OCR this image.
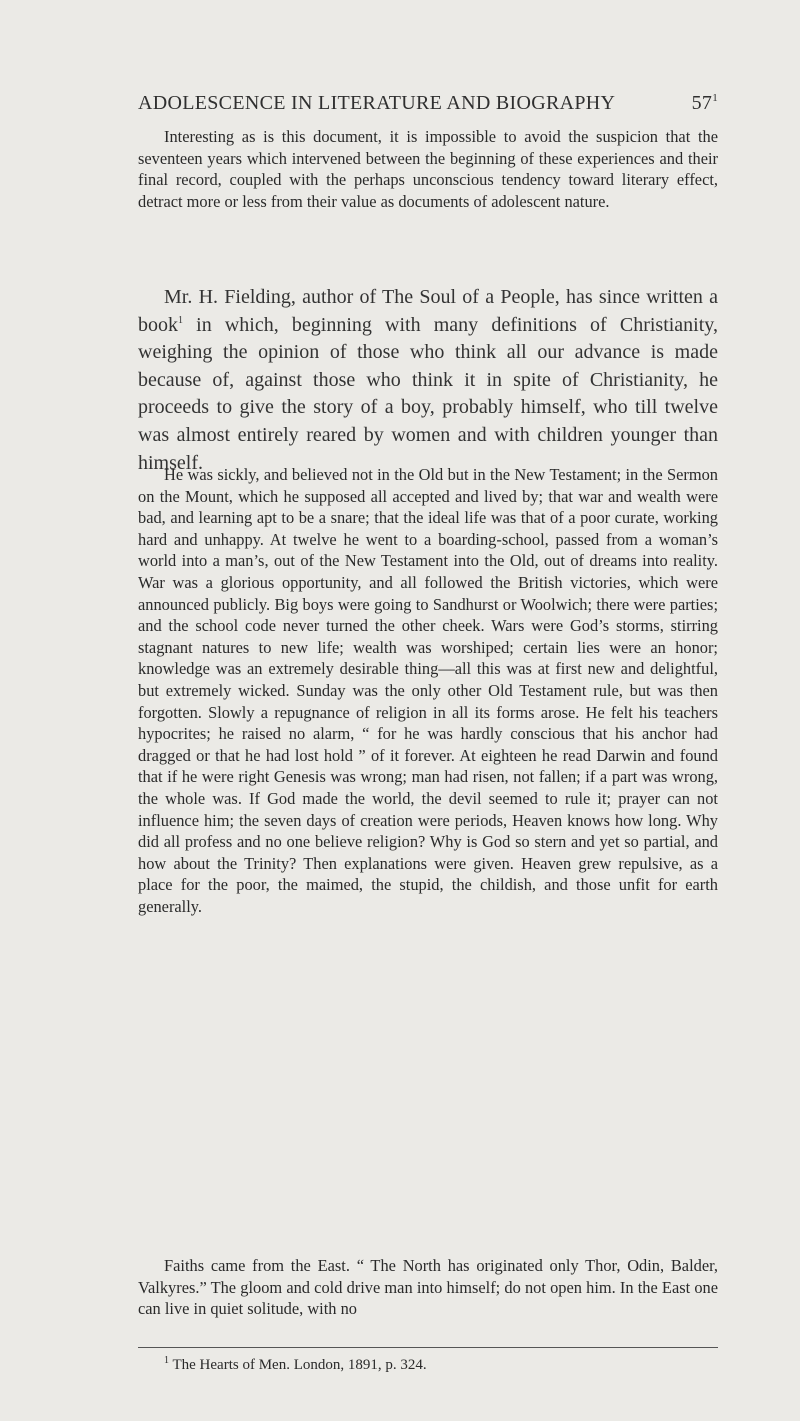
ADOLESCENCE IN LITERATURE AND BIOGRAPHY	$57^1$

Interesting as is this document, it is impossible to avoid the suspicion that the seventeen years which intervened between the beginning of these experiences and their final record, coupled with the perhaps unconscious tendency toward literary effect, detract more or less from their value as documents of adolescent nature.

Mr. H. Fielding, author of The Soul of a People, has since written a book$^1$ in which, beginning with many definitions of Christianity, weighing the opinion of those who think all our advance is made because of, against those who think it in spite of Christianity, he proceeds to give the story of a boy, probably himself, who till twelve was almost entirely reared by women and with children younger than himself.

He was sickly, and believed not in the Old but in the New Testament; in the Sermon on the Mount, which he supposed all accepted and lived by; that war and wealth were bad, and learning apt to be a snare; that the ideal life was that of a poor curate, working hard and unhappy. At twelve he went to a boarding-school, passed from a woman’s world into a man’s, out of the New Testament into the Old, out of dreams into reality. War was a glorious opportunity, and all followed the British victories, which were announced publicly. Big boys were going to Sandhurst or Woolwich; there were parties; and the school code never turned the other cheek. Wars were God’s storms, stirring stagnant natures to new life; wealth was worshiped; certain lies were an honor; knowledge was an extremely desirable thing—all this was at first new and delightful, but extremely wicked. Sunday was the only other Old Testament rule, but was then forgotten. Slowly a repugnance of religion in all its forms arose. He felt his teachers hypocrites; he raised no alarm, “ for he was hardly conscious that his anchor had dragged or that he had lost hold ” of it forever. At eighteen he read Darwin and found that if he were right Genesis was wrong; man had risen, not fallen; if a part was wrong, the whole was. If God made the world, the devil seemed to rule it; prayer can not influence him; the seven days of creation were periods, Heaven knows how long. Why did all profess and no one believe religion? Why is God so stern and yet so partial, and how about the Trinity? Then explanations were given. Heaven grew repulsive, as a place for the poor, the maimed, the stupid, the childish, and those unfit for earth generally.

Faiths came from the East. “ The North has originated only Thor, Odin, Balder, Valkyres.” The gloom and cold drive man into himself; do not open him. In the East one can live in quiet solitude, with no

$^1$ The Hearts of Men. London, 1891, p. 324.
